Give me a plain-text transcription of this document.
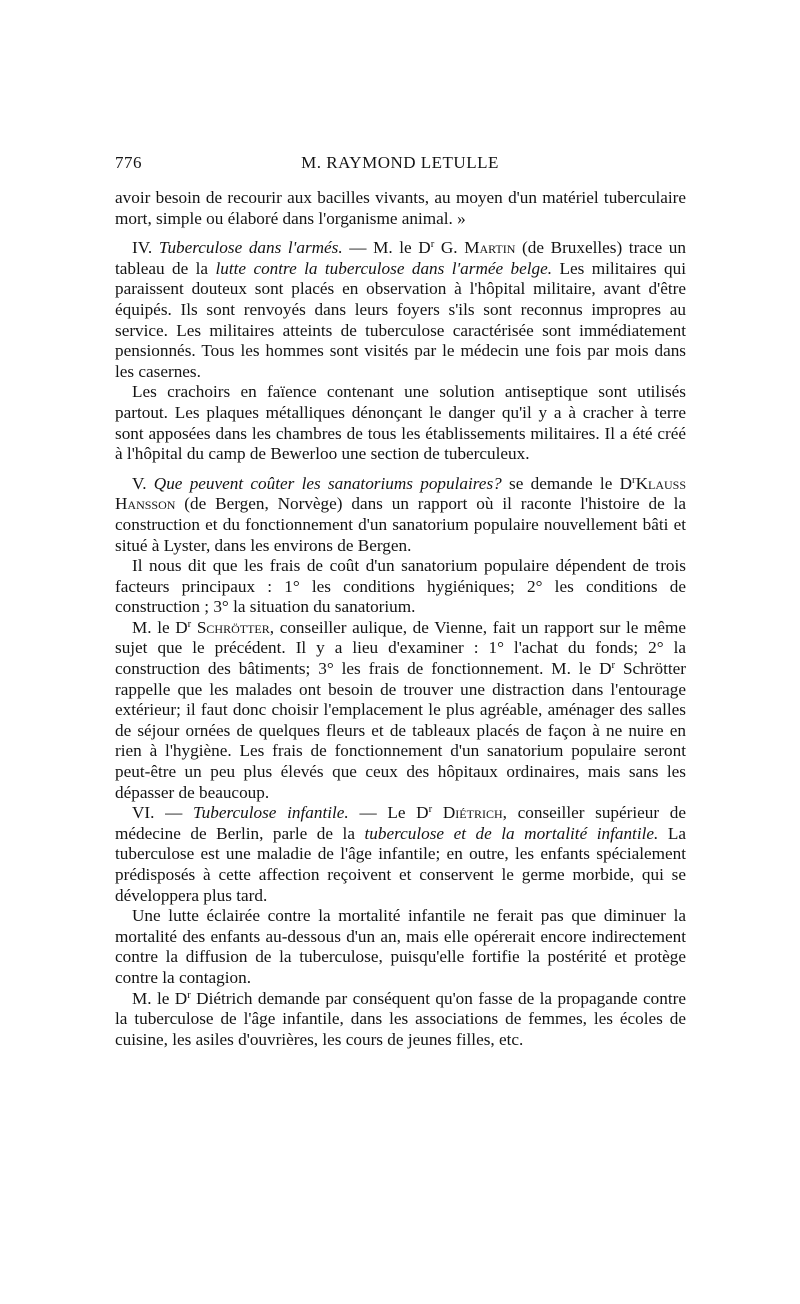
776	M. RAYMOND LETULLE

avoir besoin de recourir aux bacilles vivants, au moyen d'un matériel tuberculaire mort, simple ou élaboré dans l'organisme animal. »

IV. Tuberculose dans l'armés. — M. le $D^r$ G. Martin (de Bruxelles) trace un tableau de la lutte contre la tuberculose dans l'armée belge. Les militaires qui paraissent douteux sont placés en observation à l'hôpital militaire, avant d'être équipés. Ils sont renvoyés dans leurs foyers s'ils sont reconnus impropres au service. Les militaires atteints de tuberculose caractérisée sont immédiatement pensionnés. Tous les hommes sont visités par le médecin une fois par mois dans les casernes.

Les crachoirs en faïence contenant une solution antiseptique sont utilisés partout. Les plaques métalliques dénonçant le danger qu'il y a à cracher à terre sont apposées dans les chambres de tous les établissements militaires. Il a été créé à l'hôpital du camp de Bewerloo une section de tuberculeux.

V. Que peuvent coûter les sanatoriums populaires? se demande le $D^rKlauss$ Hansson (de Bergen, Norvège) dans un rapport où il raconte l'histoire de la construction et du fonctionnement d'un sanatorium populaire nouvellement bâti et situé à Lyster, dans les environs de Bergen.

Il nous dit que les frais de coût d'un sanatorium populaire dépendent de trois facteurs principaux : 1° les conditions hygiéniques; 2° les conditions de construction ; 3° la situation du sanatorium.

M. le $D^r$ Schrötter, conseiller aulique, de Vienne, fait un rapport sur le même sujet que le précédent. Il y a lieu d'examiner : 1° l'achat du fonds; 2° la construction des bâtiments; 3° les frais de fonctionnement. M. le $D^r$ Schrötter rappelle que les malades ont besoin de trouver une distraction dans l'entourage extérieur; il faut donc choisir l'emplacement le plus agréable, aménager des salles de séjour ornées de quelques fleurs et de tableaux placés de façon à ne nuire en rien à l'hygiène. Les frais de fonctionnement d'un sanatorium populaire seront peut-être un peu plus élevés que ceux des hôpitaux ordinaires, mais sans les dépasser de beaucoup.

VI. — Tuberculose infantile. — Le $D^r$ Diétrich, conseiller supérieur de médecine de Berlin, parle de la tuberculose et de la mortalité infantile. La tuberculose est une maladie de l'âge infantile; en outre, les enfants spécialement prédisposés à cette affection reçoivent et conservent le germe morbide, qui se développera plus tard.

Une lutte éclairée contre la mortalité infantile ne ferait pas que diminuer la mortalité des enfants au-dessous d'un an, mais elle opérerait encore indirectement contre la diffusion de la tuberculose, puisqu'elle fortifie la postérité et protège contre la contagion.

M. le $D^r$ Diétrich demande par conséquent qu'on fasse de la propagande contre la tuberculose de l'âge infantile, dans les associations de femmes, les écoles de cuisine, les asiles d'ouvrières, les cours de jeunes filles, etc.
